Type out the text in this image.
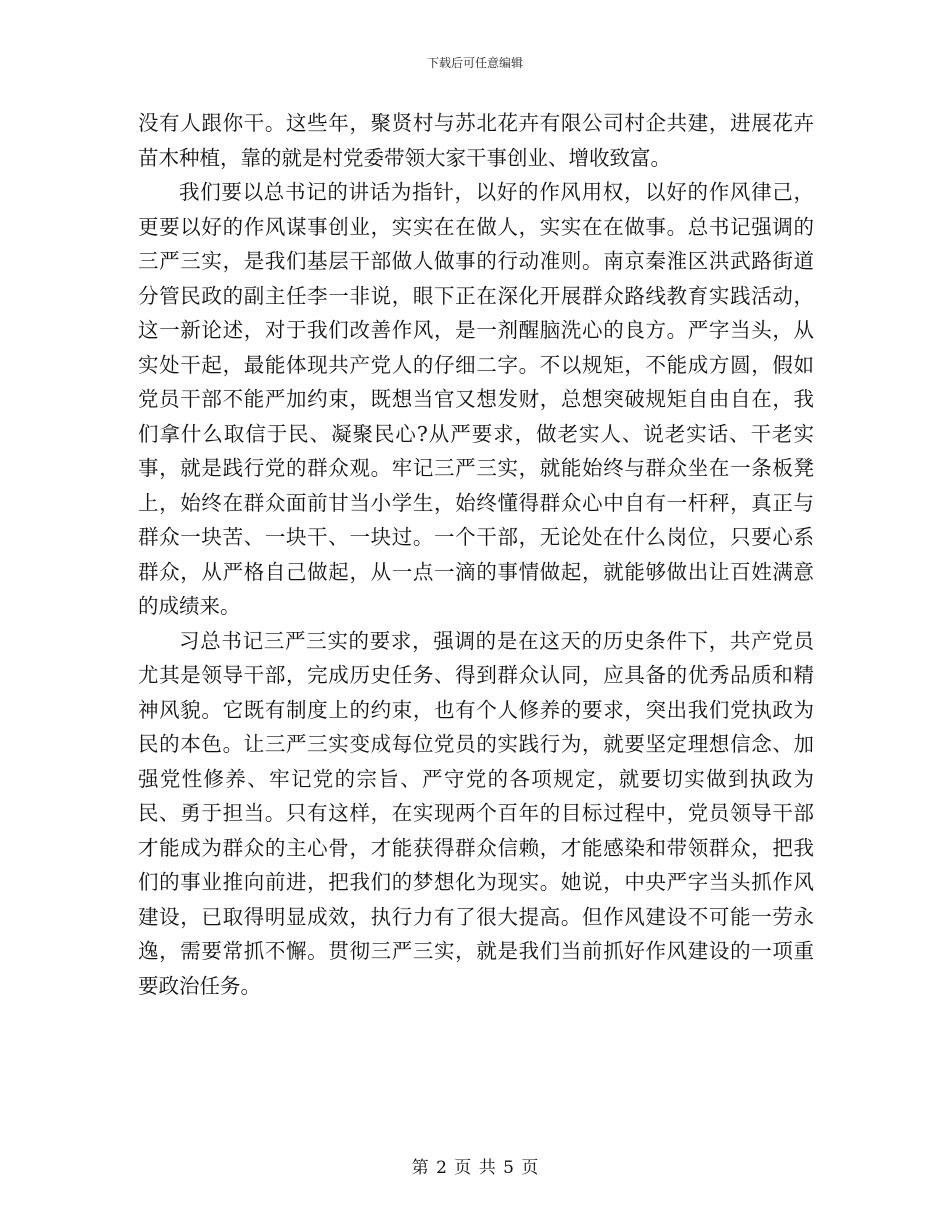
下载后可任意编辑

没有人跟你干。这些年，聚贤村与苏北花卉有限公司村企共建，进展花卉苗木种植，靠的就是村党委带领大家干事创业、增收致富。

我们要以总书记的讲话为指针，以好的作风用权，以好的作风律己，更要以好的作风谋事创业，实实在在做人，实实在在做事。总书记强调的三严三实，是我们基层干部做人做事的行动准则。南京秦淮区洪武路街道分管民政的副主任李一非说，眼下正在深化开展群众路线教育实践活动，这一新论述，对于我们改善作风，是一剂醒脑洗心的良方。严字当头，从实处干起，最能体现共产党人的仔细二字。不以规矩，不能成方圆，假如党员干部不能严加约束，既想当官又想发财，总想突破规矩自由自在，我们拿什么取信于民、凝聚民心?从严要求，做老实人、说老实话、干老实事，就是践行党的群众观。牢记三严三实，就能始终与群众坐在一条板凳上，始终在群众面前甘当小学生，始终懂得群众心中自有一杆秤，真正与群众一块苦、一块干、一块过。一个干部，无论处在什么岗位，只要心系群众，从严格自己做起，从一点一滴的事情做起，就能够做出让百姓满意的成绩来。

习总书记三严三实的要求，强调的是在这天的历史条件下，共产党员尤其是领导干部，完成历史任务、得到群众认同，应具备的优秀品质和精神风貌。它既有制度上的约束，也有个人修养的要求，突出我们党执政为民的本色。让三严三实变成每位党员的实践行为，就要坚定理想信念、加强党性修养、牢记党的宗旨、严守党的各项规定，就要切实做到执政为民、勇于担当。只有这样，在实现两个百年的目标过程中，党员领导干部才能成为群众的主心骨，才能获得群众信赖，才能感染和带领群众，把我们的事业推向前进，把我们的梦想化为现实。她说，中央严字当头抓作风建设，已取得明显成效，执行力有了很大提高。但作风建设不可能一劳永逸，需要常抓不懈。贯彻三严三实，就是我们当前抓好作风建设的一项重要政治任务。

第 2 页 共 5 页
